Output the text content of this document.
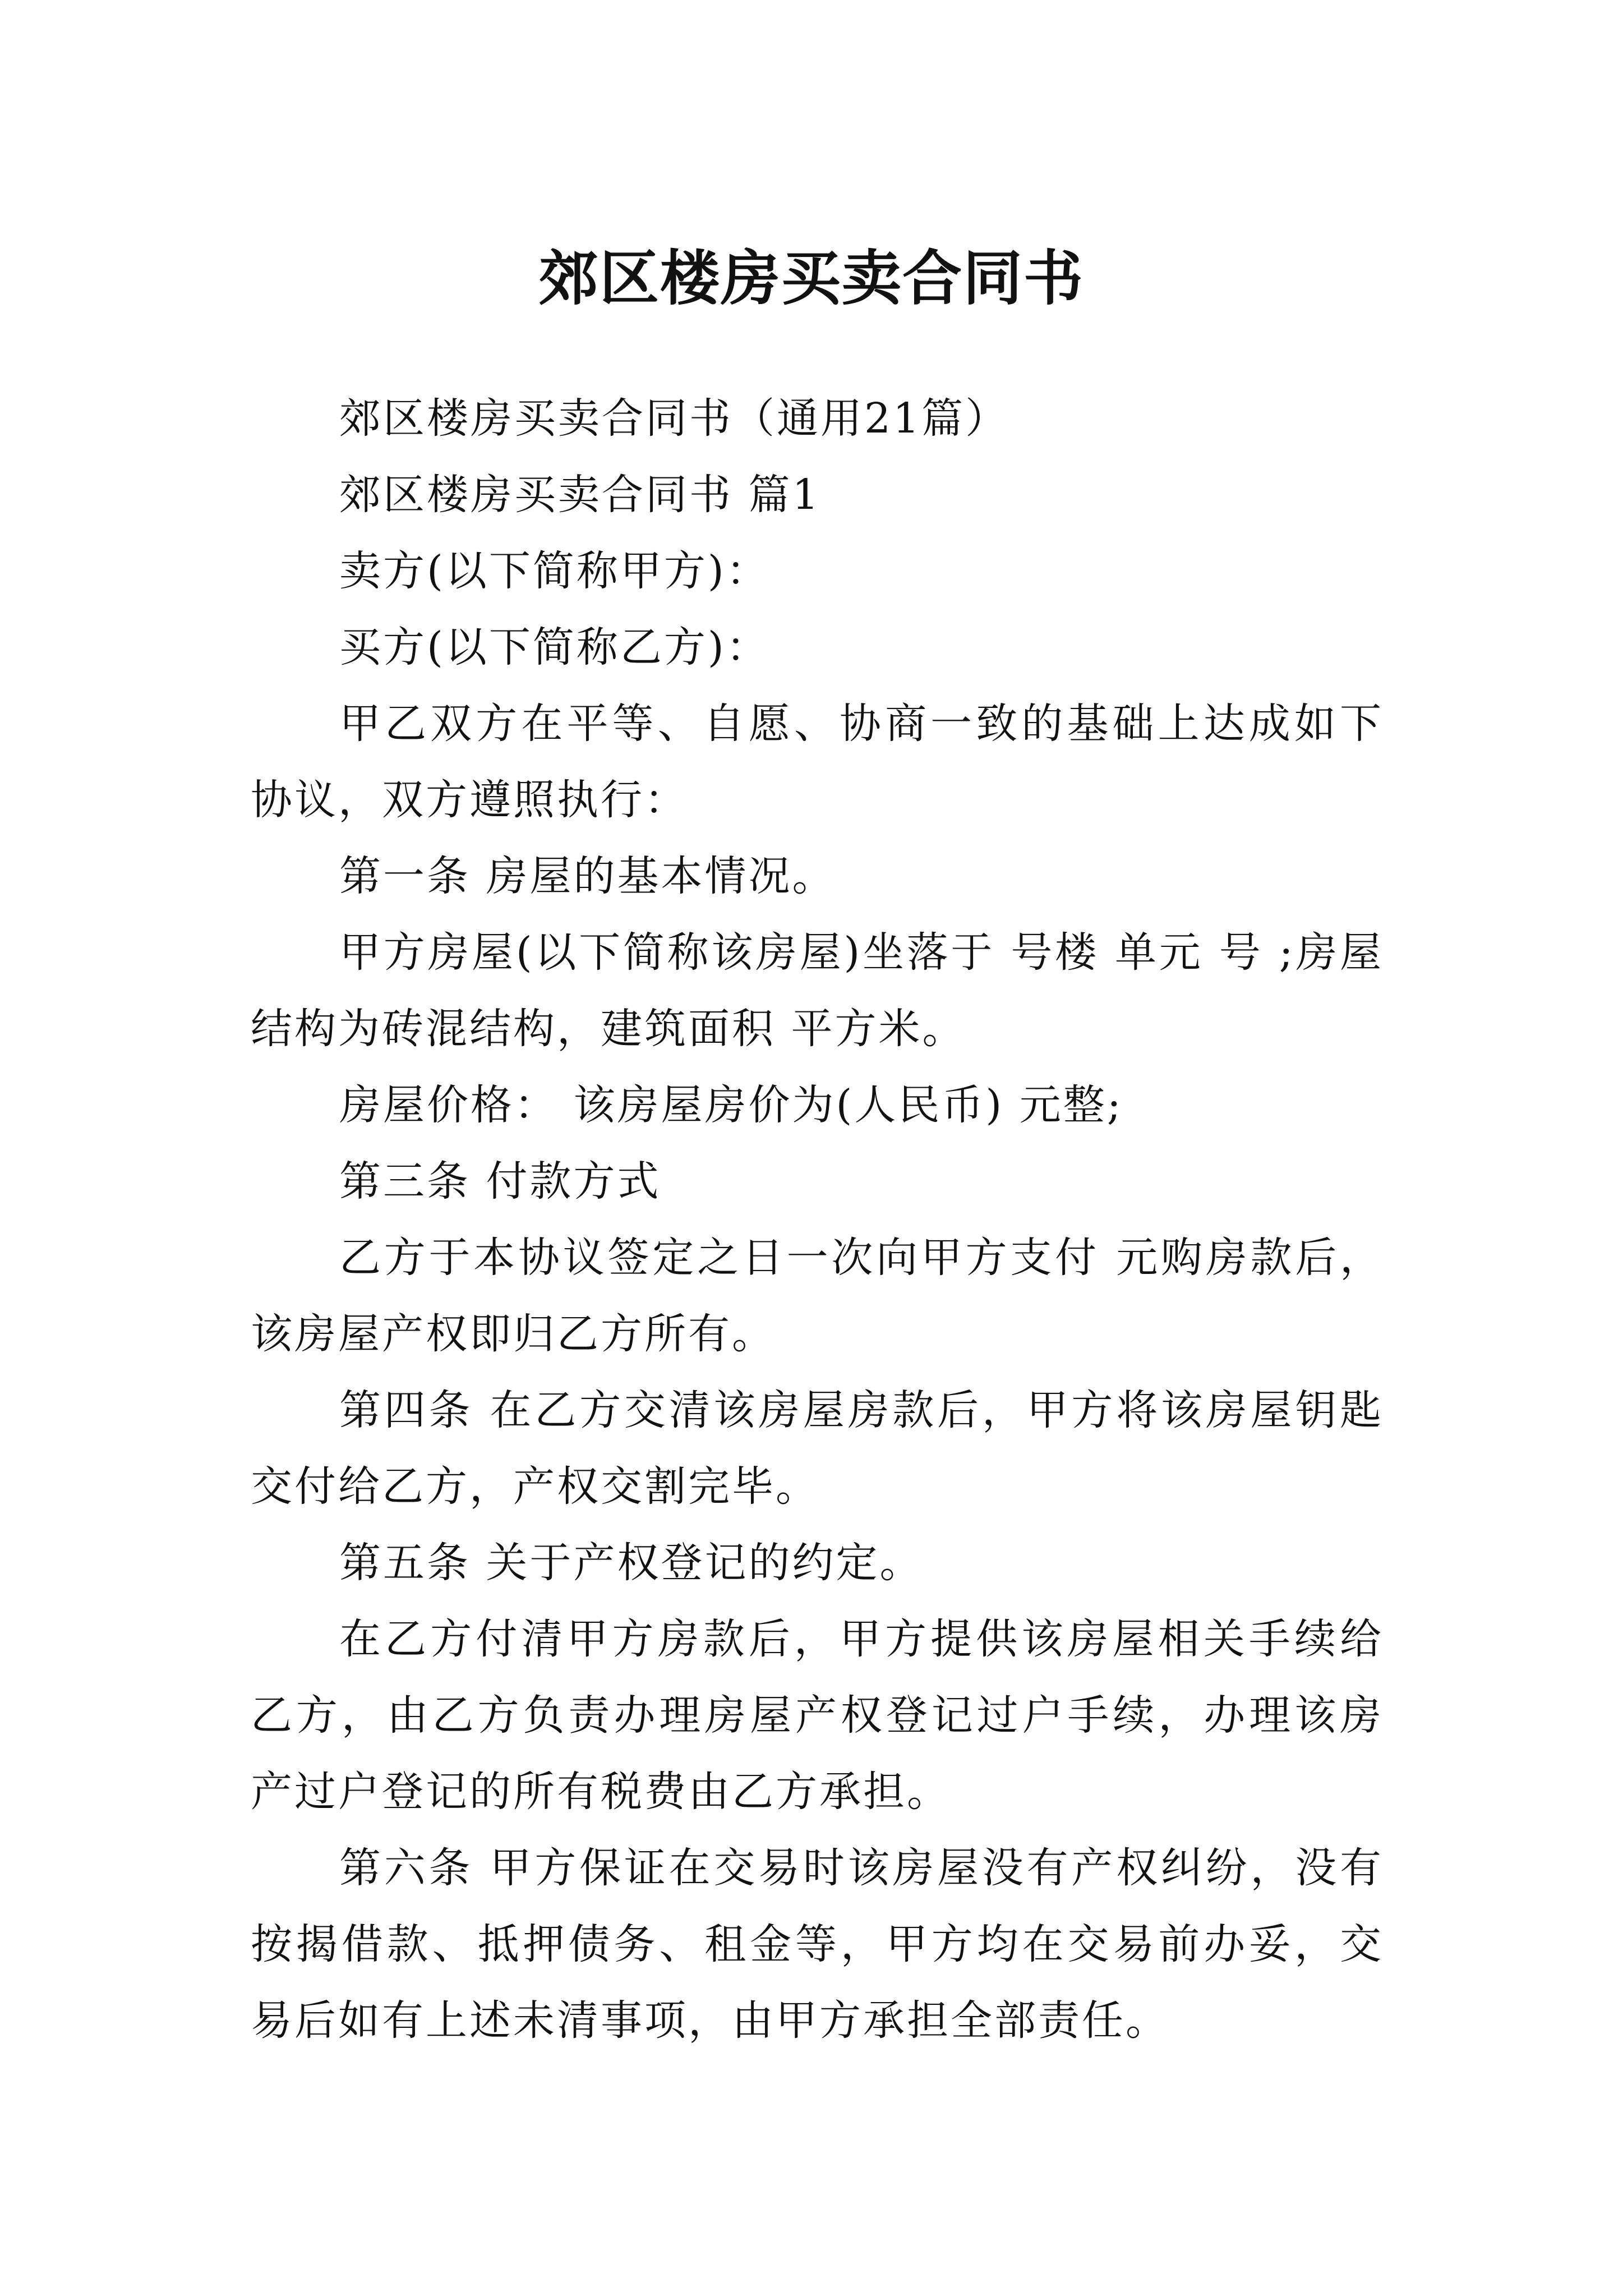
郊区楼房买卖合同书

郊区楼房买卖合同书（通用21篇）

郊区楼房买卖合同书 篇1

卖方(以下简称甲方)：

买方(以下简称乙方)：

甲乙双方在平等、自愿、协商一致的基础上达成如下协议，双方遵照执行：

第一条 房屋的基本情况。

甲方房屋(以下简称该房屋)坐落于 号楼 单元 号 ;房屋结构为砖混结构，建筑面积 平方米。

房屋价格： 该房屋房价为(人民币) 元整;

第三条 付款方式

乙方于本协议签定之日一次向甲方支付 元购房款后，该房屋产权即归乙方所有。

第四条 在乙方交清该房屋房款后，甲方将该房屋钥匙交付给乙方，产权交割完毕。

第五条 关于产权登记的约定。

在乙方付清甲方房款后，甲方提供该房屋相关手续给乙方，由乙方负责办理房屋产权登记过户手续，办理该房产过户登记的所有税费由乙方承担。

第六条 甲方保证在交易时该房屋没有产权纠纷，没有按揭借款、抵押债务、租金等，甲方均在交易前办妥，交易后如有上述未清事项，由甲方承担全部责任。
